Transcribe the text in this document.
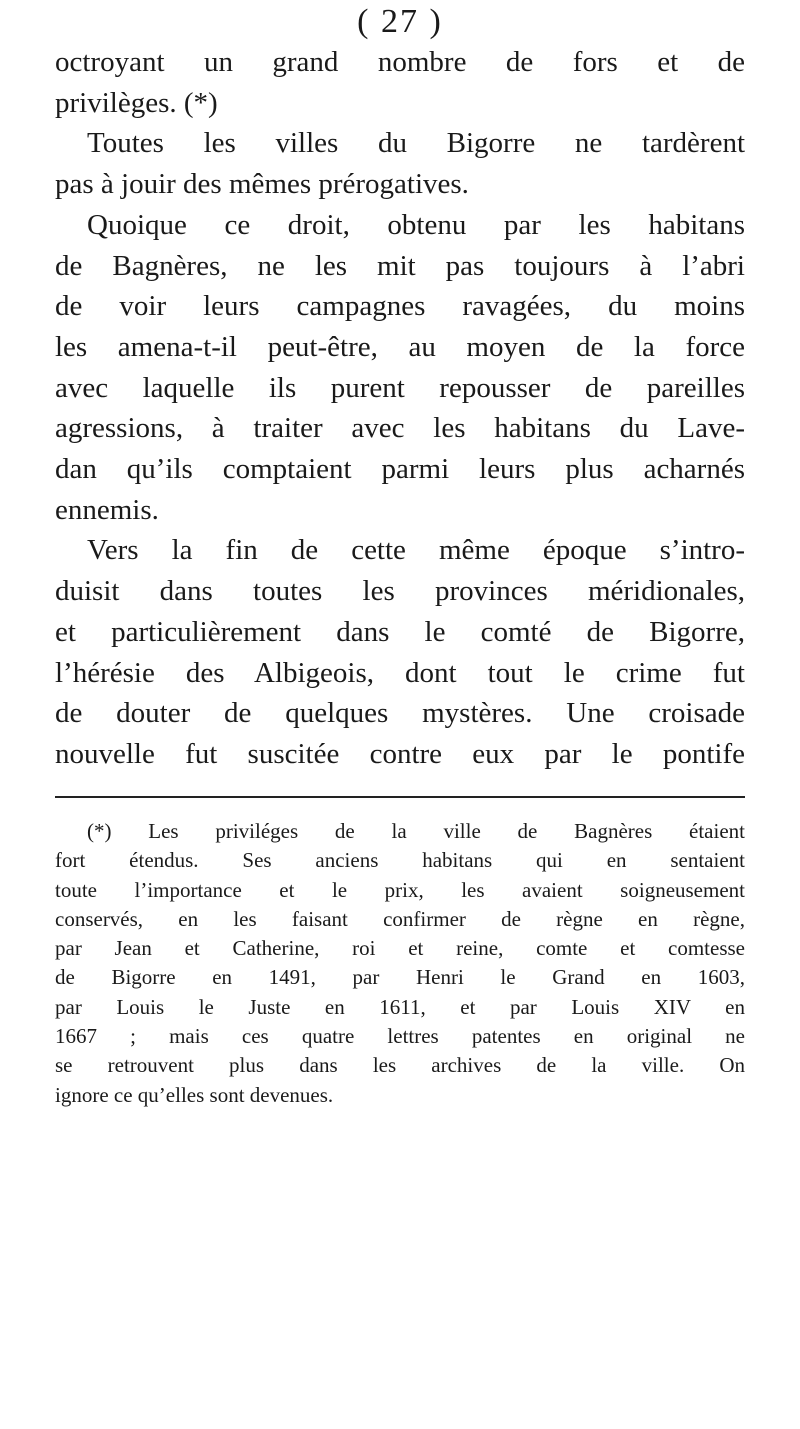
( 27 )
octroyant un grand nombre de fors et de
privilèges. (*)
Toutes les villes du Bigorre ne tardèrent
pas à jouir des mêmes prérogatives.
Quoique ce droit, obtenu par les habitans
de Bagnères, ne les mit pas toujours à l’abri
de voir leurs campagnes ravagées, du moins
les amena-t-il peut-être, au moyen de la force
avec laquelle ils purent repousser de pareilles
agressions, à traiter avec les habitans du Lave-
dan qu’ils comptaient parmi leurs plus acharnés
ennemis.
Vers la fin de cette même époque s’intro-
duisit dans toutes les provinces méridionales,
et particulièrement dans le comté de Bigorre,
l’hérésie des Albigeois, dont tout le crime fut
de douter de quelques mystères. Une croisade
nouvelle fut suscitée contre eux par le pontife
(*) Les priviléges de la ville de Bagnères étaient
fort étendus. Ses anciens habitans qui en sentaient
toute l’importance et le prix, les avaient soigneusement
conservés, en les faisant confirmer de règne en règne,
par Jean et Catherine, roi et reine, comte et comtesse
de Bigorre en 1491, par Henri le Grand en 1603,
par Louis le Juste en 1611, et par Louis XIV en
1667 ; mais ces quatre lettres patentes en original ne
se retrouvent plus dans les archives de la ville. On
ignore ce qu’elles sont devenues.
